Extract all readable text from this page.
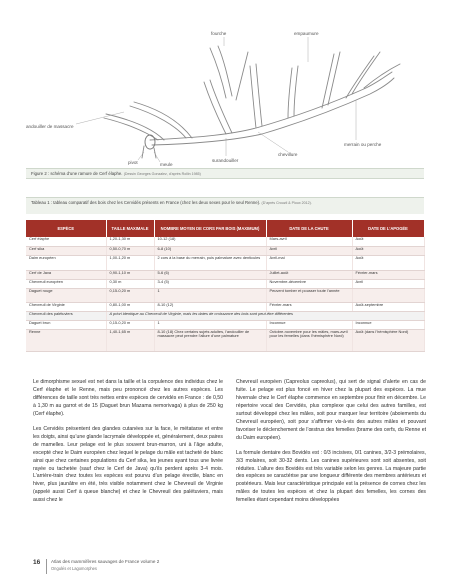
fourche	empaumure
andouiller de massacre
merrain ou perche
chevillure
surandouiller
pivot	meule
Figure 2 : schéma d’une ramure de Cerf élaphe. (Dessin Georges Gonzalez, d’après Rollin 1985)
Tableau 1 : tableau comparatif des bois chez les Cervidés présents en France (chez les deux sexes pour le seul Renne). (D’après Crouzil & Ploux 2012).
ESPÈCE	TAILLE MAXIMALE	NOMBRE MOYEN DE CORS PAR BOIS (MAXIMUM)	DATE DE LA CHUTE	DATE DE L’APOGÉE
Cerf élaphe	1,20-1,30 m	10-12 (18)	Mars-avril	Août
Cerf sika	0,50-0,70 m	6-8 (10)	Avril	Août
Daim européen	1,00-1,20 m	2 cors à la base du merrain, puis palmature avec denticules	Avril-mai	Août
Cerf de Java	0,90-1,10 m	5-6 (6)	Juillet-août	Février-mars
Chevreuil européen	0,30 m	3-4 (5)	Novembre-décembre	Avril
Daguet rouge	0,15-0,20 m	1	Peuvent tomber et pousser toute l’année	
Chevreuil de Virginie	0,80-1,00 m	8-10 (12)	Février-mars	Août-septembre
Chevreuil des palétuviers	A priori identique au Chevreuil de Virginie, mais les dates de croissance des bois sont peut-être différentes			
Daguet brun	0,15-0,20 m	1	Inconnue	Inconnue
Renne	1,40-1,65 m	8-10 (18) Chez certains sujets adultes, l’andouiller de massacre peut prendre l’allure d’une palmature	Octobre-novembre pour les mâles, mars-avril pour les femelles (dans l’hémisphère Nord)	Août (dans l’hémisphère Nord)

Le dimorphisme sexuel est net dans la taille et la corpulence des individus chez le Cerf élaphe et le Renne, mais peu prononcé chez les autres espèces. Les différences de taille sont très nettes entre espèces de cervidés en France : de 0,50 à 1,30 m au garrot et de 15 (Daguet brun Mazama nemorivaga) à plus de 250 kg (Cerf élaphe).

Les Cervidés présentent des glandes cutanées sur la face, le métatarse et entre les doigts, ainsi qu’une glande lacrymale développée et, généralement, deux paires de mamelles. Leur pelage est le plus souvent brun-marron, uni à l’âge adulte, excepté chez le Daim européen chez lequel le pelage du mâle est tacheté de blanc ainsi que chez certaines populations du Cerf sika, les jeunes ayant tous une livrée rayée ou tachetée (sauf chez le Cerf de Java) qu’ils perdent après 3-4 mois. L’arrière-train chez toutes les espèces est pourvu d’un pelage érectile, blanc en hiver, plus jaunâtre en été, très visible notamment chez le Chevreuil de Virginie (appelé aussi Cerf à queue blanche) et chez le Chevreuil des palétuviers, mais aussi chez le

Chevreuil européen (Capreolus capreolus), qui sert de signal d’alerte en cas de fuite. Le pelage est plus foncé en hiver chez la plupart des espèces. La mue hivernale chez le Cerf élaphe commence en septembre pour finir en décembre. Le répertoire vocal des Cervidés, plus complexe que celui des autres familles, est surtout développé chez les mâles, soit pour marquer leur territoire (aboiements du Chevreuil européen), soit pour s’affirmer vis-à-vis des autres mâles et pouvant favoriser le déclenchement de l’œstrus des femelles (brame des cerfs, du Renne et du Daim européen).

La formule dentaire des Bovidés est : 0/3 incisives, 0/1 canines, 3/2-3 prémolaires, 3/3 molaires, soit 30-32 dents. Les canines supérieures sont soit absentes, soit réduites. L’allure des Bovidés est très variable selon les genres. La majeure partie des espèces se caractérise par une longueur différente des membres antérieurs et postérieurs. Mais leur caractéristique principale est la présence de cornes chez les mâles de toutes les espèces et chez la plupart des femelles, les cornes des femelles étant cependant moins développées

16 Atlas des mammifères sauvages de France volume 2
Ongulés et Lagomorphes
